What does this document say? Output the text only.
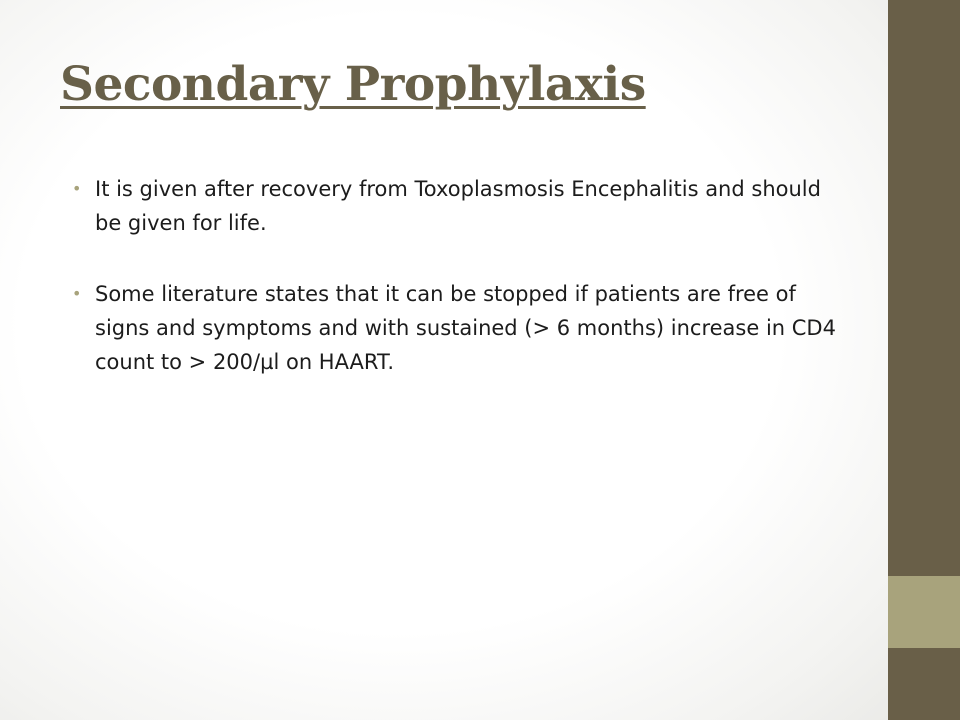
Secondary Prophylaxis
• It is given after recovery from Toxoplasmosis Encephalitis and should be given for life.
• Some literature states that it can be stopped if patients are free of signs and symptoms and with sustained (> 6 months) increase in CD4 count to > 200/µl on HAART.
